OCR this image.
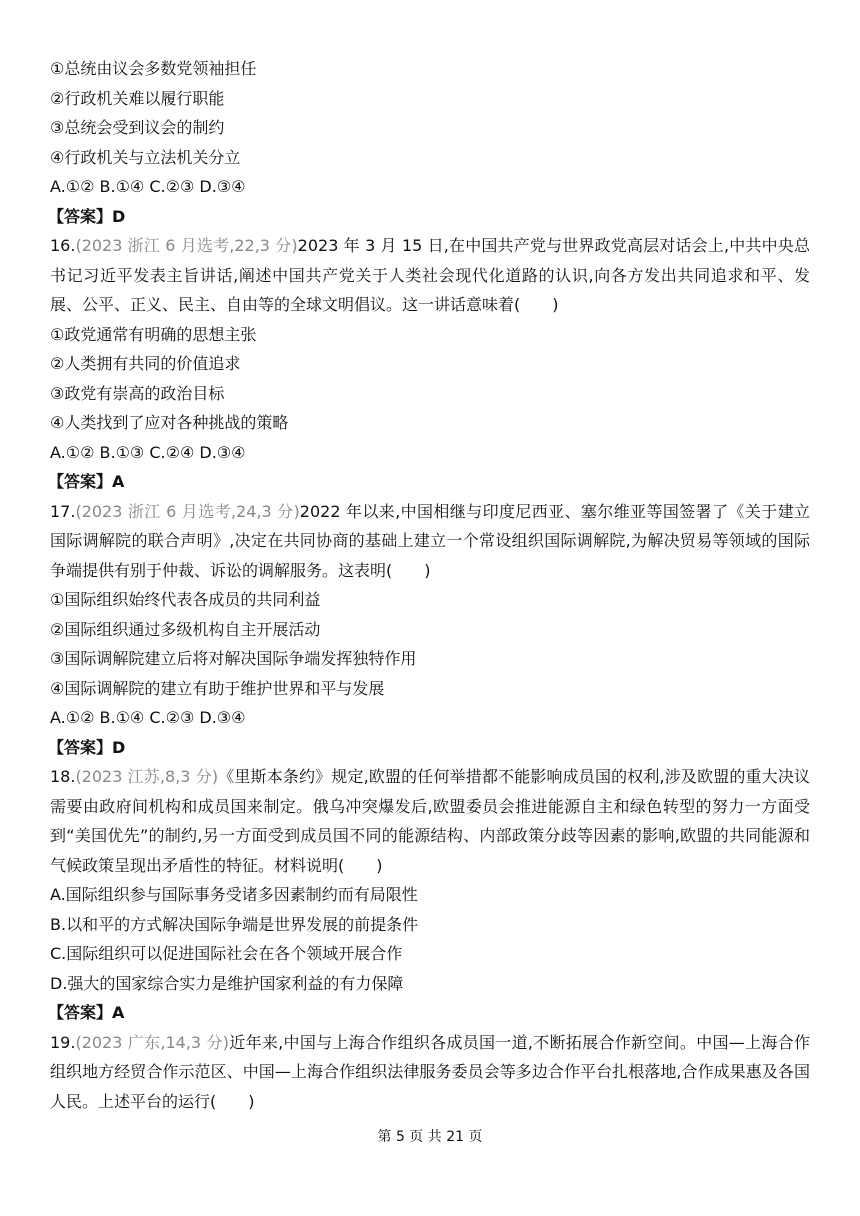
①总统由议会多数党领袖担任
②行政机关难以履行职能
③总统会受到议会的制约
④行政机关与立法机关分立
A.①② B.①④ C.②③ D.③④
【答案】D
16.(2023 浙江 6 月选考,22,3 分)2023 年 3 月 15 日,在中国共产党与世界政党高层对话会上,中共中央总书记习近平发表主旨讲话,阐述中国共产党关于人类社会现代化道路的认识,向各方发出共同追求和平、发展、公平、正义、民主、自由等的全球文明倡议。这一讲话意味着(　　)
①政党通常有明确的思想主张
②人类拥有共同的价值追求
③政党有崇高的政治目标
④人类找到了应对各种挑战的策略
A.①② B.①③ C.②④ D.③④
【答案】A
17.(2023 浙江 6 月选考,24,3 分)2022 年以来,中国相继与印度尼西亚、塞尔维亚等国签署了《关于建立国际调解院的联合声明》,决定在共同协商的基础上建立一个常设组织国际调解院,为解决贸易等领域的国际争端提供有别于仲裁、诉讼的调解服务。这表明(　　)
①国际组织始终代表各成员的共同利益
②国际组织通过多级机构自主开展活动
③国际调解院建立后将对解决国际争端发挥独特作用
④国际调解院的建立有助于维护世界和平与发展
A.①② B.①④ C.②③ D.③④
【答案】D
18.(2023 江苏,8,3 分)《里斯本条约》规定,欧盟的任何举措都不能影响成员国的权利,涉及欧盟的重大决议需要由政府间机构和成员国来制定。俄乌冲突爆发后,欧盟委员会推进能源自主和绿色转型的努力一方面受到“美国优先”的制约,另一方面受到成员国不同的能源结构、内部政策分歧等因素的影响,欧盟的共同能源和气候政策呈现出矛盾性的特征。材料说明(　　)
A.国际组织参与国际事务受诸多因素制约而有局限性
B.以和平的方式解决国际争端是世界发展的前提条件
C.国际组织可以促进国际社会在各个领域开展合作
D.强大的国家综合实力是维护国家利益的有力保障
【答案】A
19.(2023 广东,14,3 分)近年来,中国与上海合作组织各成员国一道,不断拓展合作新空间。中国—上海合作组织地方经贸合作示范区、中国—上海合作组织法律服务委员会等多边合作平台扎根落地,合作成果惠及各国人民。上述平台的运行(　　)
第 5 页 共 21 页
